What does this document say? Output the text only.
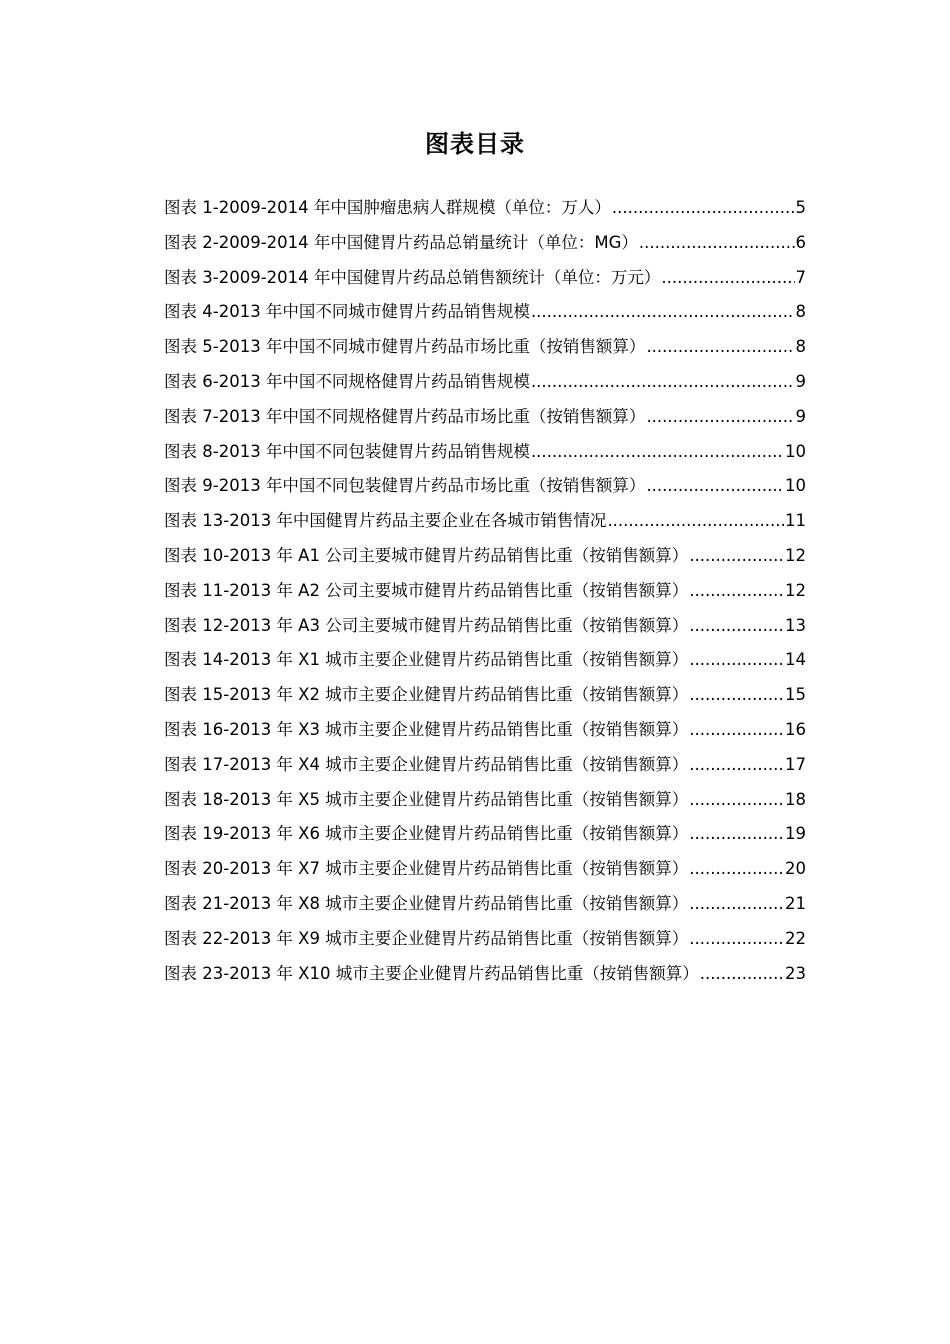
图表目录
图表 1-2009-2014 年中国肿瘤患病人群规模（单位：万人） .....	5
图表 2-2009-2014 年中国健胃片药品总销量统计（单位：MG） .....	6
图表 3-2009-2014 年中国健胃片药品总销售额统计（单位：万元） .....	7
图表 4-2013 年中国不同城市健胃片药品销售规模 .....	8
图表 5-2013 年中国不同城市健胃片药品市场比重（按销售额算） .....	8
图表 6-2013 年中国不同规格健胃片药品销售规模 .....	9
图表 7-2013 年中国不同规格健胃片药品市场比重（按销售额算） .....	9
图表 8-2013 年中国不同包装健胃片药品销售规模 .....	10
图表 9-2013 年中国不同包装健胃片药品市场比重（按销售额算） .....	10
图表 13-2013 年中国健胃片药品主要企业在各城市销售情况 .....	11
图表 10-2013 年 A1 公司主要城市健胃片药品销售比重（按销售额算） .....	12
图表 11-2013 年 A2 公司主要城市健胃片药品销售比重（按销售额算） .....	12
图表 12-2013 年 A3 公司主要城市健胃片药品销售比重（按销售额算） .....	13
图表 14-2013 年 X1 城市主要企业健胃片药品销售比重（按销售额算） .....	14
图表 15-2013 年 X2 城市主要企业健胃片药品销售比重（按销售额算） .....	15
图表 16-2013 年 X3 城市主要企业健胃片药品销售比重（按销售额算） .....	16
图表 17-2013 年 X4 城市主要企业健胃片药品销售比重（按销售额算） .....	17
图表 18-2013 年 X5 城市主要企业健胃片药品销售比重（按销售额算） .....	18
图表 19-2013 年 X6 城市主要企业健胃片药品销售比重（按销售额算） .....	19
图表 20-2013 年 X7 城市主要企业健胃片药品销售比重（按销售额算） .....	20
图表 21-2013 年 X8 城市主要企业健胃片药品销售比重（按销售额算） .....	21
图表 22-2013 年 X9 城市主要企业健胃片药品销售比重（按销售额算） .....	22
图表 23-2013 年 X10 城市主要企业健胃片药品销售比重（按销售额算） .....	23
